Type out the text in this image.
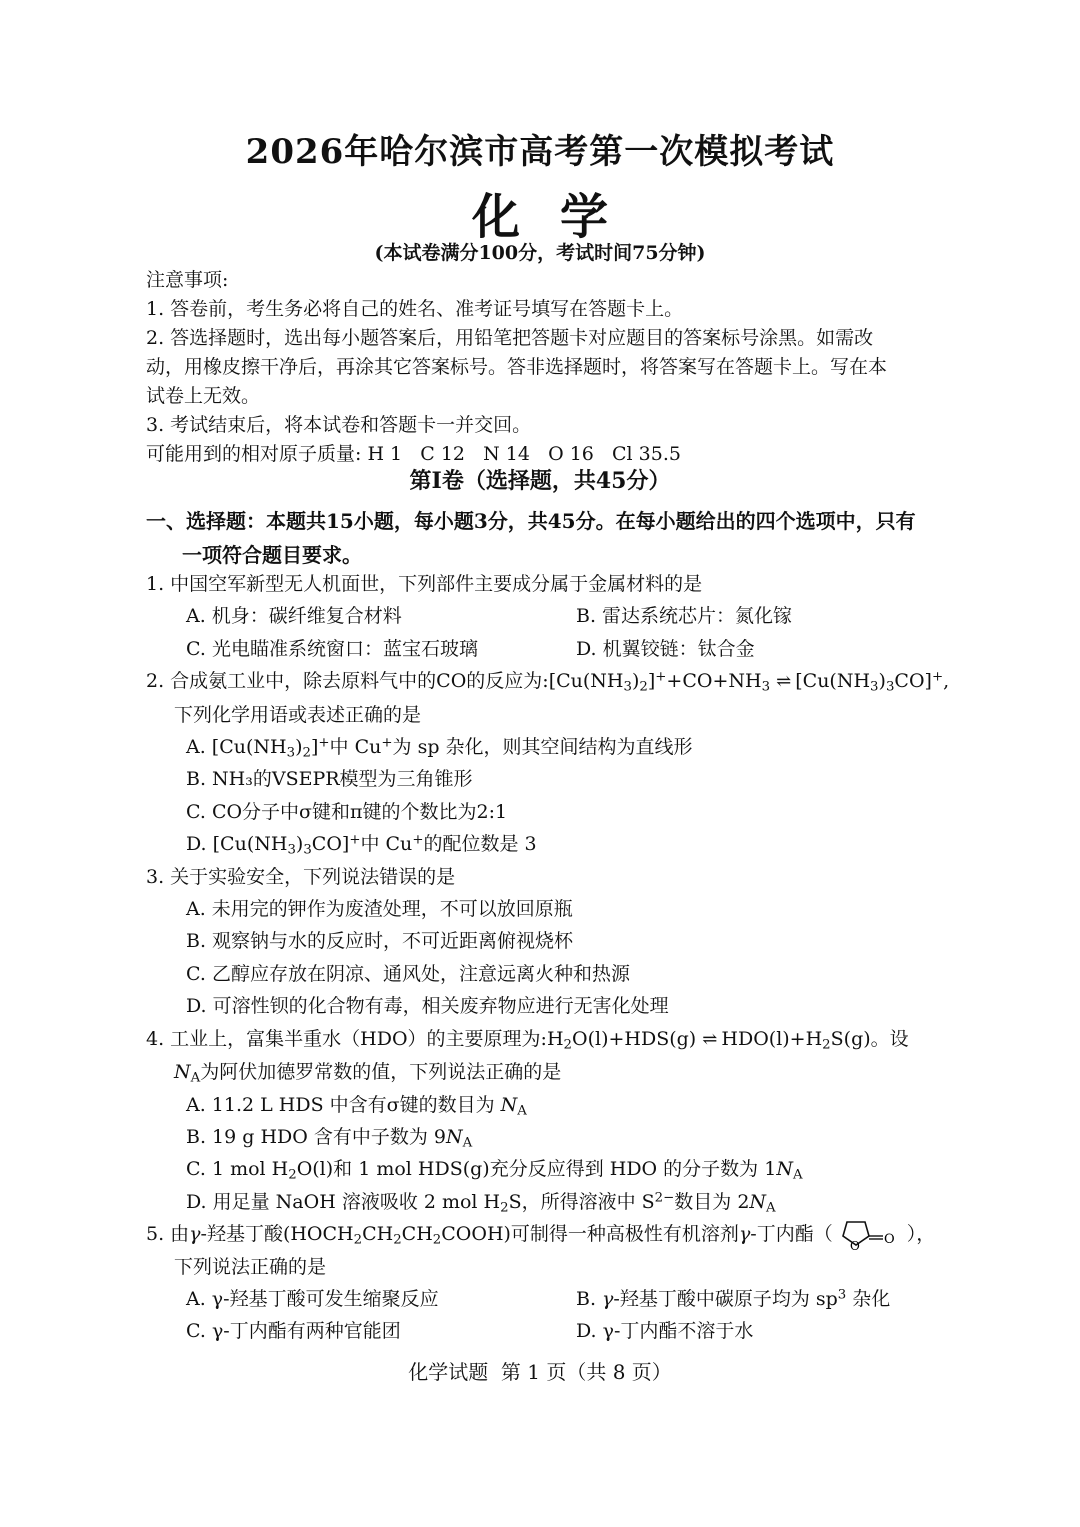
2026年哈尔滨市高考第一次模拟考试
化学
(本试卷满分100分，考试时间75分钟)
注意事项:
1. 答卷前，考生务必将自己的姓名、准考证号填写在答题卡上。
2. 答选择题时，选出每小题答案后，用铅笔把答题卡对应题目的答案标号涂黑。如需改
动，用橡皮擦干净后，再涂其它答案标号。答非选择题时，将答案写在答题卡上。写在本
试卷上无效。
3. 考试结束后，将本试卷和答题卡一并交回。
可能用到的相对原子质量: H 1   C 12   N 14   O 16   Cl 35.5
第Ⅰ卷（选择题，共45分）
一、选择题：本题共15小题，每小题3分，共45分。在每小题给出的四个选项中，只有
一项符合题目要求。
1. 中国空军新型无人机面世，下列部件主要成分属于金属材料的是
A. 机身：碳纤维复合材料	B. 雷达系统芯片：氮化镓
C. 光电瞄准系统窗口：蓝宝石玻璃	D. 机翼铰链：钛合金
2. 合成氨工业中，除去原料气中的CO的反应为$:[Cu(NH_3)_2]^++CO+NH_3$ ⇌ $[Cu(NH_3)_3CO]^+$,
下列化学用语或表述正确的是
A. $[Cu(NH_3)_2]^+$中 Cu+为 sp 杂化，则其空间结构为直线形
B. NH₃的VSEPR模型为三角锥形
C. CO分子中σ键和π键的个数比为2:1
D. $[Cu(NH_3)_3CO]^+$中 Cu+的配位数是 3
3. 关于实验安全，下列说法错误的是
A. 未用完的钾作为废渣处理，不可以放回原瓶
B. 观察钠与水的反应时，不可近距离俯视烧杯
C. 乙醇应存放在阴凉、通风处，注意远离火种和热源
D. 可溶性钡的化合物有毒，相关废弃物应进行无害化处理
4. 工业上，富集半重水（HDO）的主要原理为$:H_2O(l)+HDS(g)$ ⇌ $HDO(l)+H_2S(g)$。设
$N_A$为阿伏加德罗常数的值，下列说法正确的是
A. 11.2 L HDS 中含有σ键的数目为 $N_A$
B. 19 g HDO 含有中子数为 $9N_A$
C. 1 mol $H_2O(l)$和 1 mol HDS(g)充分反应得到 HDO 的分子数为 $1N_A$
D. 用足量 NaOH 溶液吸收 2 mol $H_2S$，所得溶液中 $S^{2-}$数目为 $2N_A$
5. 由γ-羟基丁酸$(HOCH_2CH_2CH_2COOH)$可制得一种高极性有机溶剂γ-丁内酯（	O
O
），
下列说法正确的是
A. γ-羟基丁酸可发生缩聚反应	B. γ-羟基丁酸中碳原子均为 $sp^3$ 杂化
C. γ-丁内酯有两种官能团	D. γ-丁内酯不溶于水
化学试题  第 1 页（共 8 页）
